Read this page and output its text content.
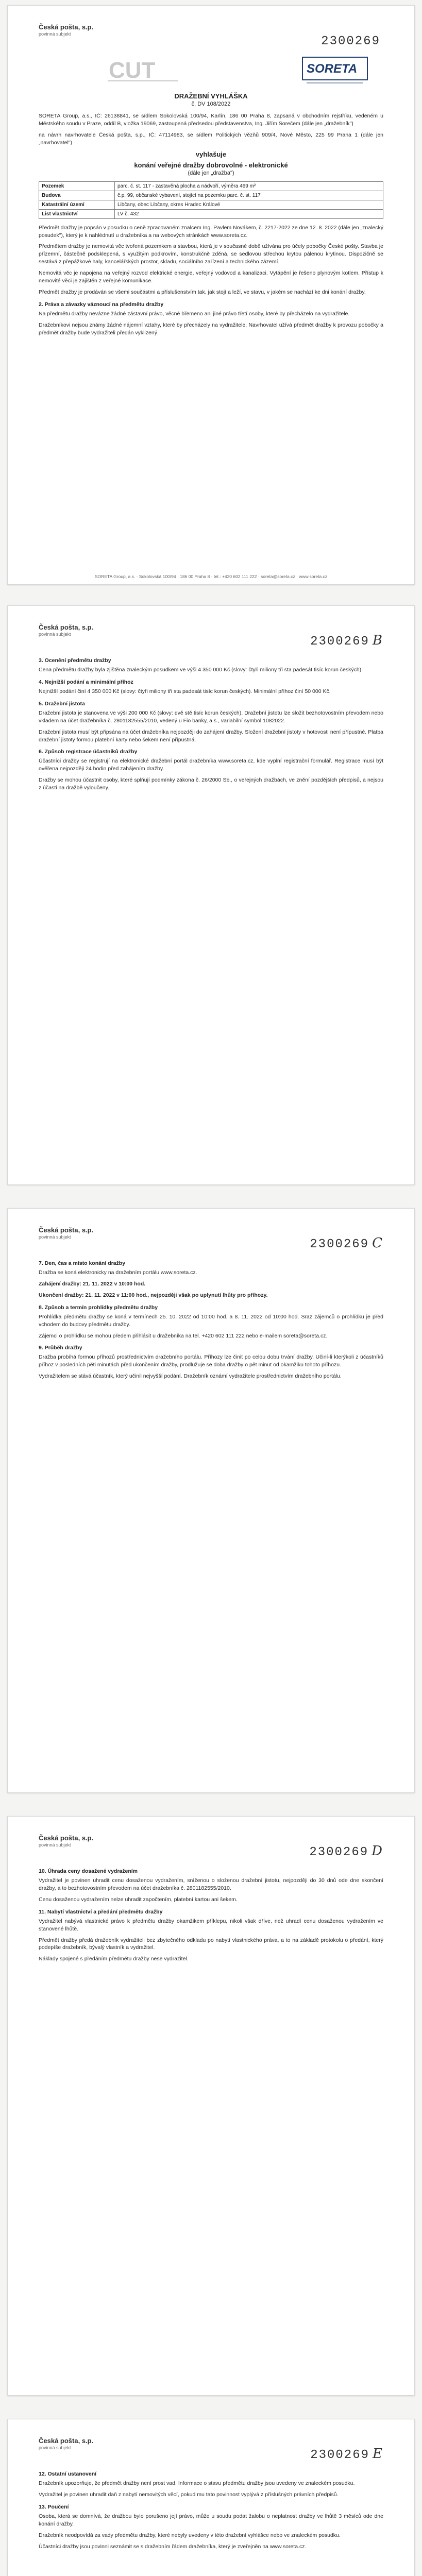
Česká pošta, s.p.
povinná subjekt
2300269
CUT	SORETA
DRAŽEBNÍ VYHLÁŠKA
č. DV 108/2022

SORETA Group, a.s., IČ: 26138841, se sídlem Sokolovská 100/94, Karlín, 186 00 Praha 8, zapsaná v obchodním rejstříku, vedeném u Městského soudu v Praze, oddíl B, vložka 19069, zastoupená předsedou představenstva, Ing. Jiřím Sorečem (dále jen „dražebník")

na návrh navrhovatele Česká pošta, s.p., IČ: 47114983, se sídlem Politických vězňů 909/4, Nové Město, 225 99 Praha 1 (dále jen „navrhovatel")

vyhlašuje
konání veřejné dražby dobrovolné - elektronické
(dále jen „dražba")
Pozemek	parc. č. st. 117 - zastavěná plocha a nádvoří, výměra 469 m²
Budova	č.p. 99, občanské vybavení, stojící na pozemku parc. č. st. 117
Katastrální území	Libčany, obec Libčany, okres Hradec Králové
List vlastnictví	LV č. 432

Předmět dražby je popsán v posudku o ceně zpracovaném znalcem Ing. Pavlem Novákem, č. 2217-2022 ze dne 12. 8. 2022 (dále jen „znalecký posudek"), který je k nahlédnutí u dražebníka a na webových stránkách www.soreta.cz.

Předmětem dražby je nemovitá věc tvořená pozemkem a stavbou, která je v současné době užívána pro účely pobočky České pošty. Stavba je přízemní, částečně podsklepená, s využitým podkrovím, konstrukčně zděná, se sedlovou střechou krytou pálenou krytinou. Dispozičně se sestává z přepážkové haly, kancelářských prostor, skladu, sociálního zařízení a technického zázemí.

Nemovitá věc je napojena na veřejný rozvod elektrické energie, veřejný vodovod a kanalizaci. Vytápění je řešeno plynovým kotlem. Přístup k nemovité věci je zajištěn z veřejné komunikace.

Předmět dražby je prodáván se všemi součástmi a příslušenstvím tak, jak stojí a leží, ve stavu, v jakém se nachází ke dni konání dražby.

2. Práva a závazky váznoucí na předmětu dražby

Na předmětu dražby nevázne žádné zástavní právo, věcné břemeno ani jiné právo třetí osoby, které by přecházelo na vydražitele.

Dražebníkovi nejsou známy žádné nájemní vztahy, které by přecházely na vydražitele. Navrhovatel užívá předmět dražby k provozu pobočky a předmět dražby bude vydražiteli předán vyklizený.

SORETA Group, a.s. · Sokolovská 100/94 · 186 00 Praha 8 · tel.: +420 602 111 222 · soreta@soreta.cz · www.soreta.cz
Česká pošta, s.p.
povinná subjekt
2300269 B
3. Ocenění předmětu dražby

Cena předmětu dražby byla zjištěna znaleckým posudkem ve výši 4 350 000 Kč (slovy: čtyři miliony tři sta padesát tisíc korun českých).

4. Nejnižší podání a minimální příhoz

Nejnižší podání činí 4 350 000 Kč (slovy: čtyři miliony tři sta padesát tisíc korun českých). Minimální příhoz činí 50 000 Kč.

5. Dražební jistota

Dražební jistota je stanovena ve výši 200 000 Kč (slovy: dvě stě tisíc korun českých). Dražební jistotu lze složit bezhotovostním převodem nebo vkladem na účet dražebníka č. 2801182555/2010, vedený u Fio banky, a.s., variabilní symbol 1082022.

Dražební jistota musí být připsána na účet dražebníka nejpozději do zahájení dražby. Složení dražební jistoty v hotovosti není přípustné. Platba dražební jistoty formou platební karty nebo šekem není přípustná.

6. Způsob registrace účastníků dražby

Účastníci dražby se registrují na elektronické dražební portál dražebníka www.soreta.cz, kde vyplní registrační formulář. Registrace musí být ověřena nejpozději 24 hodin před zahájením dražby.

Dražby se mohou účastnit osoby, které splňují podmínky zákona č. 26/2000 Sb., o veřejných dražbách, ve znění pozdějších předpisů, a nejsou z účasti na dražbě vyloučeny.

Česká pošta, s.p.
povinná subjekt
2300269 C
7. Den, čas a místo konání dražby

Dražba se koná elektronicky na dražebním portálu www.soreta.cz.

Zahájení dražby: 21. 11. 2022 v 10:00 hod.

Ukončení dražby: 21. 11. 2022 v 11:00 hod., nejpozději však po uplynutí lhůty pro příhozy.

8. Způsob a termín prohlídky předmětu dražby

Prohlídka předmětu dražby se koná v termínech 25. 10. 2022 od 10:00 hod. a 8. 11. 2022 od 10:00 hod. Sraz zájemců o prohlídku je před vchodem do budovy předmětu dražby.

Zájemci o prohlídku se mohou předem přihlásit u dražebníka na tel. +420 602 111 222 nebo e-mailem soreta@soreta.cz.

9. Průběh dražby

Dražba probíhá formou příhozů prostřednictvím dražebního portálu. Příhozy lze činit po celou dobu trvání dražby. Učiní-li kterýkoli z účastníků příhoz v posledních pěti minutách před ukončením dražby, prodlužuje se doba dražby o pět minut od okamžiku tohoto příhozu.

Vydražitelem se stává účastník, který učinil nejvyšší podání. Dražebník oznámí vydražitele prostřednictvím dražebního portálu.

Česká pošta, s.p.
povinná subjekt
2300269 D
10. Úhrada ceny dosažené vydražením

Vydražitel je povinen uhradit cenu dosaženou vydražením, sníženou o složenou dražební jistotu, nejpozději do 30 dnů ode dne skončení dražby, a to bezhotovostním převodem na účet dražebníka č. 2801182555/2010.

Cenu dosaženou vydražením nelze uhradit započtením, platební kartou ani šekem.

11. Nabytí vlastnictví a předání předmětu dražby

Vydražitel nabývá vlastnické právo k předmětu dražby okamžikem příklepu, nikoli však dříve, než uhradí cenu dosaženou vydražením ve stanovené lhůtě.

Předmět dražby předá dražebník vydražiteli bez zbytečného odkladu po nabytí vlastnického práva, a to na základě protokolu o předání, který podepíše dražebník, bývalý vlastník a vydražitel.

Náklady spojené s předáním předmětu dražby nese vydražitel.

Česká pošta, s.p.
povinná subjekt
2300269 E
12. Ostatní ustanovení

Dražebník upozorňuje, že předmět dražby není prost vad. Informace o stavu předmětu dražby jsou uvedeny ve znaleckém posudku.

Vydražitel je povinen uhradit daň z nabytí nemovitých věcí, pokud mu tato povinnost vyplývá z příslušných právních předpisů.

13. Poučení

Osoba, která se domnívá, že dražbou bylo porušeno její právo, může u soudu podat žalobu o neplatnost dražby ve lhůtě 3 měsíců ode dne konání dražby.

Dražebník neodpovídá za vady předmětu dražby, které nebyly uvedeny v této dražební vyhlášce nebo ve znaleckém posudku.

Účastníci dražby jsou povinni seznámit se s dražebním řádem dražebníka, který je zveřejněn na www.soreta.cz.
